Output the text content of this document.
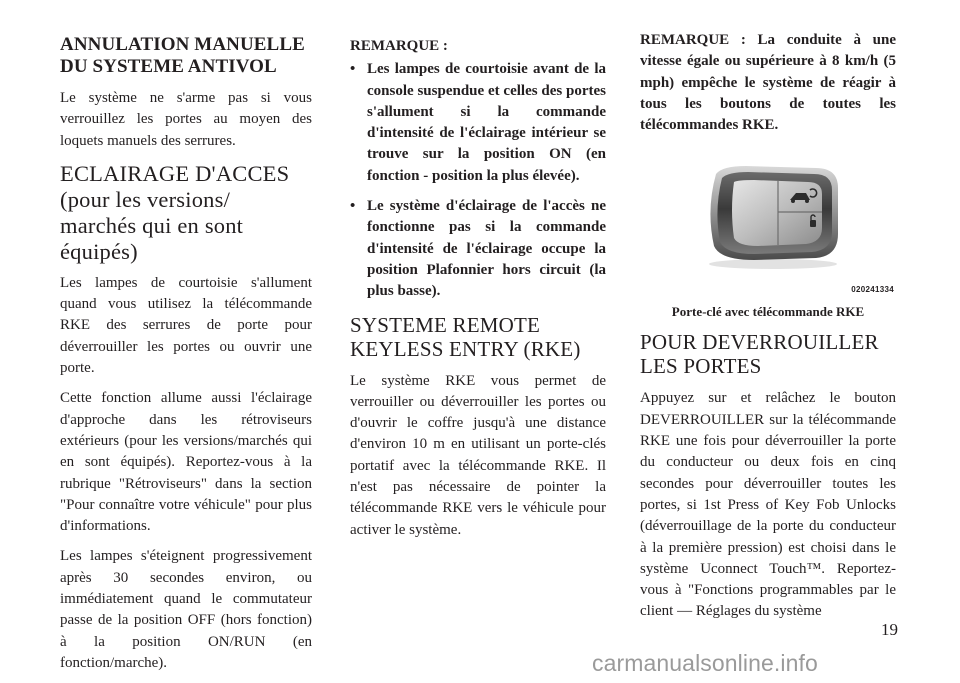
ANNULATION MANUELLE
DU SYSTEME ANTIVOL

Le système ne s'arme pas si vous verrouillez les portes au moyen des loquets manuels des serrures.

ECLAIRAGE D'ACCES
(pour les versions/
marchés qui en sont
équipés)

Les lampes de courtoisie s'allument quand vous utilisez la télécommande RKE des serrures de porte pour déverrouiller les portes ou ouvrir une porte.

Cette fonction allume aussi l'éclairage d'approche dans les rétroviseurs extérieurs (pour les versions/marchés qui en sont équipés). Reportez-vous à la rubrique "Rétroviseurs" dans la section "Pour connaître votre véhicule" pour plus d'informations.

Les lampes s'éteignent progressivement après 30 secondes environ, ou immédiatement quand le commutateur passe de la position OFF (hors fonction) à la position ON/RUN (en fonction/marche).

REMARQUE :
• Les lampes de courtoisie avant de la console suspendue et celles des portes s'allument si la commande d'intensité de l'éclairage intérieur se trouve sur la position ON (en fonction - position la plus élevée).
• Le système d'éclairage de l'accès ne fonctionne pas si la commande d'intensité de l'éclairage occupe la position Plafonnier hors circuit (la plus basse).
SYSTEME REMOTE
KEYLESS ENTRY (RKE)

Le système RKE vous permet de verrouiller ou déverrouiller les portes ou d'ouvrir le coffre jusqu'à une distance d'environ 10 m en utilisant un porte-clés portatif avec la télécommande RKE. Il n'est pas nécessaire de pointer la télécommande RKE vers le véhicule pour activer le système.

REMARQUE : La conduite à une vitesse égale ou supérieure à 8 km/h (5 mph) empêche le système de réagir à tous les boutons de toutes les télécommandes RKE.

020241334
Porte-clé avec télécommande RKE
POUR DEVERROUILLER
LES PORTES

Appuyez sur et relâchez le bouton DEVERROUILLER sur la télécommande RKE une fois pour déverrouiller la porte du conducteur ou deux fois en cinq secondes pour déverrouiller toutes les portes, si 1st Press of Key Fob Unlocks (déverrouillage de la porte du conducteur à la première pression) est choisi dans le système Uconnect Touch™. Reportez-vous à "Fonctions programmables par le client — Réglages du système

19
carmanualsonline.info
